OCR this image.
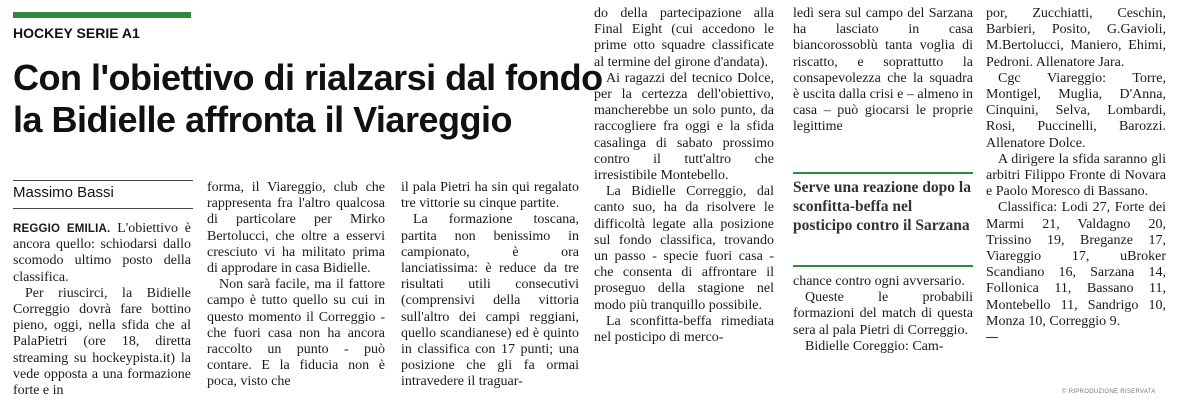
HOCKEY SERIE A1
Con l'obiettivo di rialzarsi dal fondo
la Bidielle affronta il Viareggio
Massimo Bassi

REGGIO EMILIA. L'obiettivo è ancora quello: schiodarsi dallo scomodo ultimo posto della classifica.

Per riuscirci, la Bidielle Correggio dovrà fare bottino pieno, oggi, nella sfida che al PalaPietri (ore 18, diretta streaming su hockeypista.it) la vede opposta a una formazione forte e in

forma, il Viareggio, club che rappresenta fra l'altro qualcosa di particolare per Mirko Bertolucci, che oltre a esservi cresciuto vi ha militato prima di approdare in casa Bidielle.

Non sarà facile, ma il fattore campo è tutto quello su cui in questo momento il Correggio - che fuori casa non ha ancora raccolto un punto - può contare. E la fiducia non è poca, visto che

il pala Pietri ha sin qui regalato tre vittorie su cinque partite.

La formazione toscana, partita non benissimo in campionato, è ora lanciatissima: è reduce da tre risultati utili consecutivi (comprensivi della vittoria sull'altro dei campi reggiani, quello scandianese) ed è quinto in classifica con 17 punti; una posizione che gli fa ormai intravedere il traguar-

do della partecipazione alla Final Eight (cui accedono le prime otto squadre classificate al termine del girone d'andata).

Ai ragazzi del tecnico Dolce, per la certezza dell'obiettivo, mancherebbe un solo punto, da raccogliere fra oggi e la sfida casalinga di sabato prossimo contro il tutt'altro che irresistibile Montebello.

La Bidielle Correggio, dal canto suo, ha da risolvere le difficoltà legate alla posizione sul fondo classifica, trovando un passo - specie fuori casa - che consenta di affrontare il proseguo della stagione nel modo più tranquillo possibile.

La sconfitta-beffa rimediata nel posticipo di merco-

ledì sera sul campo del Sarzana ha lasciato in casa biancorossoblù tanta voglia di riscatto, e soprattutto la consapevolezza che la squadra è uscita dalla crisi e – almeno in casa – può giocarsi le proprie legittime

Serve una reazione dopo la sconfitta-beffa nel posticipo contro il Sarzana

chance contro ogni avversario.

Queste le probabili formazioni del match di questa sera al pala Pietri di Correggio.

Bidielle Coreggio: Cam-

por, Zucchiatti, Ceschin, Barbieri, Posito, G.Gavioli, M.Bertolucci, Maniero, Ehimi, Pedroni. Allenatore Jara.

Cgc Viareggio: Torre, Montigel, Muglia, D'Anna, Cinquini, Selva, Lombardi, Rosi, Puccinelli, Barozzi. Allenatore Dolce.

A dirigere la sfida saranno gli arbitri Filippo Fronte di Novara e Paolo Moresco di Bassano.

Classifica: Lodi 27, Forte dei Marmi 21, Valdagno 20, Trissino 19, Breganze 17, Viareggio 17, uBroker Scandiano 16, Sarzana 14, Follonica 11, Bassano 11, Montebello 11, Sandrigo 10, Monza 10, Correggio 9.

© RIPRODUZIONE RISERVATA
